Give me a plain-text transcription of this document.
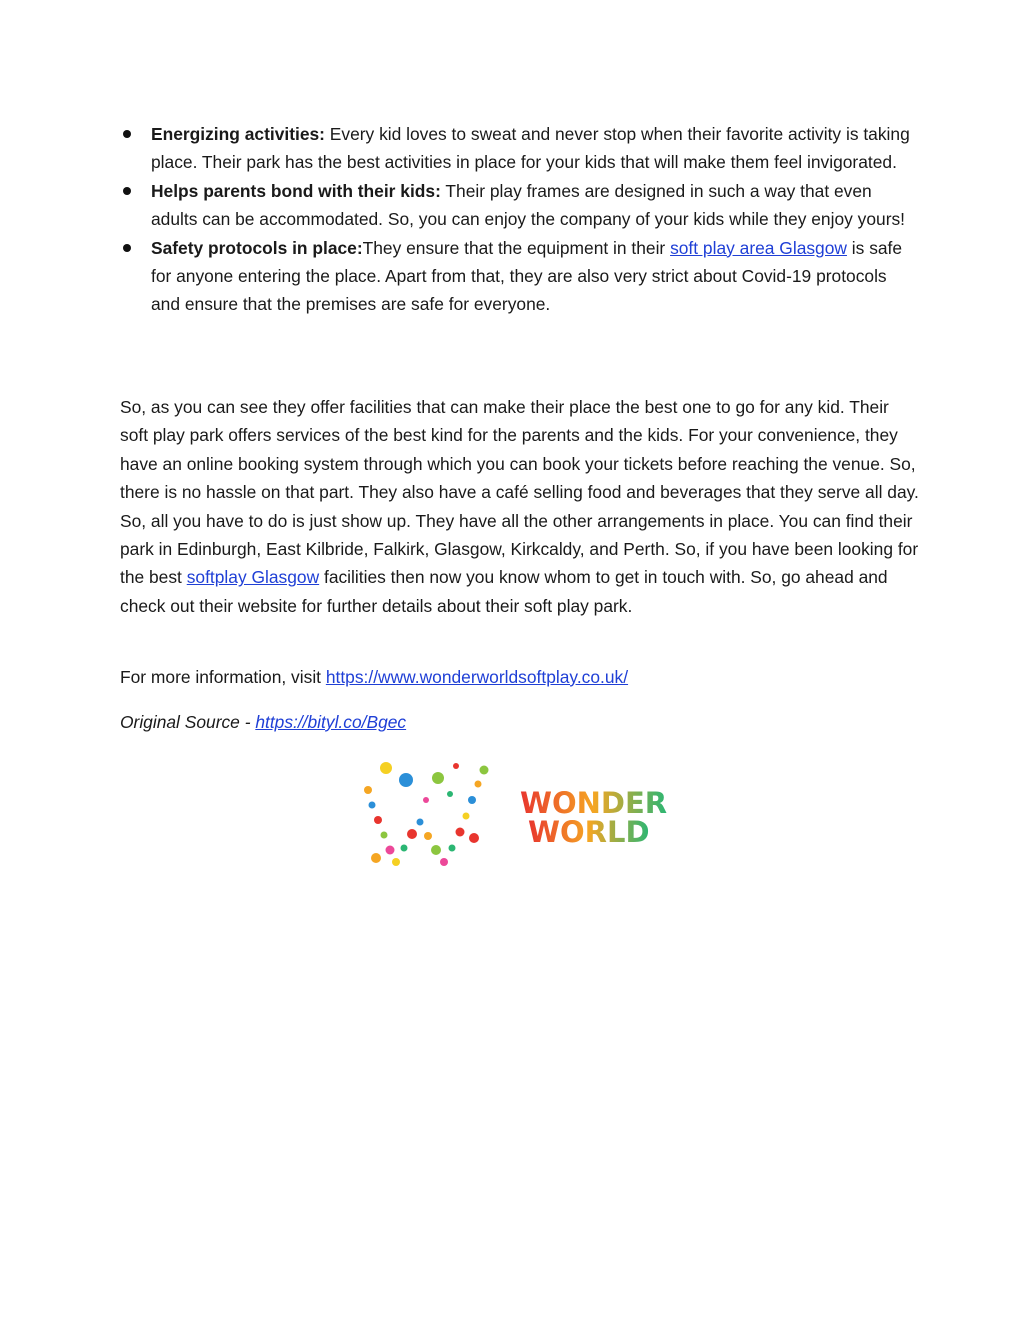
Energizing activities: Every kid loves to sweat and never stop when their favorite activity is taking place. Their park has the best activities in place for your kids that will make them feel invigorated.
Helps parents bond with their kids: Their play frames are designed in such a way that even adults can be accommodated. So, you can enjoy the company of your kids while they enjoy yours!
Safety protocols in place:They ensure that the equipment in their soft play area Glasgow is safe for anyone entering the place. Apart from that, they are also very strict about Covid-19 protocols and ensure that the premises are safe for everyone.

So, as you can see they offer facilities that can make their place the best one to go for any kid. Their soft play park offers services of the best kind for the parents and the kids. For your convenience, they have an online booking system through which you can book your tickets before reaching the venue. So, there is no hassle on that part. They also have a café selling food and beverages that they serve all day. So, all you have to do is just show up. They have all the other arrangements in place. You can find their park in Edinburgh, East Kilbride, Falkirk, Glasgow, Kirkcaldy, and Perth. So, if you have been looking for the best softplay Glasgow facilities then now you know whom to get in touch with. So, go ahead and check out their website for further details about their soft play park.

For more information, visit https://www.wonderworldsoftplay.co.uk/

Original Source - https://bityl.co/Bgec

WONDER
WORLD
